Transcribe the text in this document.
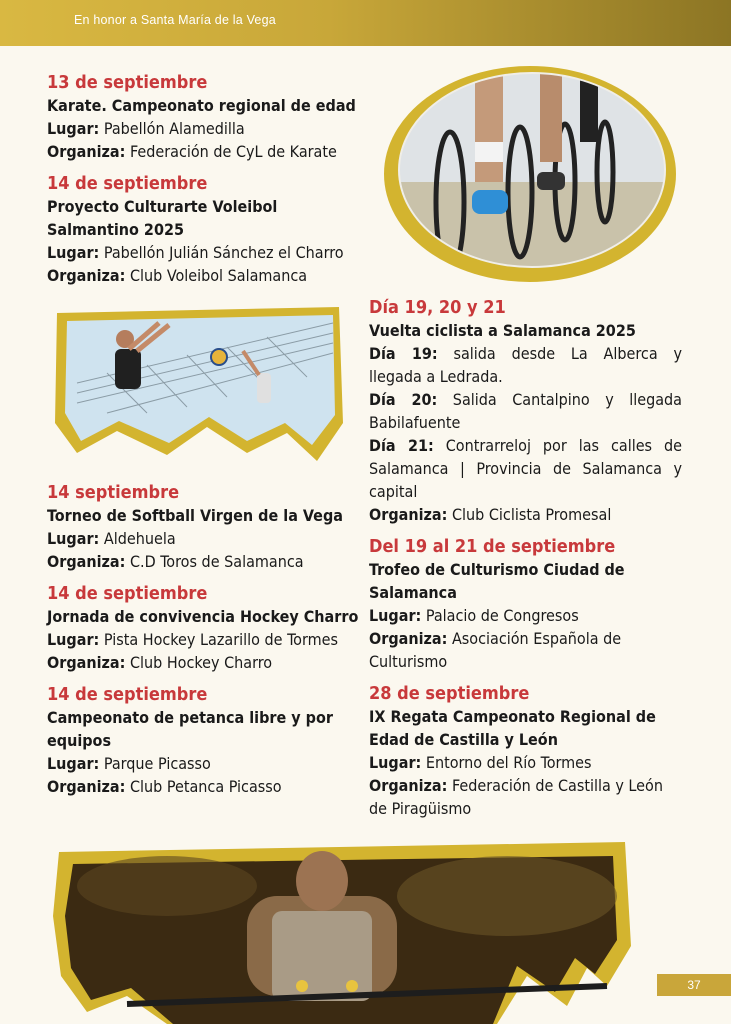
En honor a Santa María de la Vega
13 de septiembre
Karate. Campeonato regional de edad
Lugar: Pabellón Alamedilla
Organiza: Federación de CyL de Karate
14 de septiembre
Proyecto Culturarte Voleibol
Salmantino 2025
Lugar: Pabellón Julián Sánchez el Charro
Organiza: Club Voleibol Salamanca
14 septiembre
Torneo de Softball Virgen de la Vega
Lugar: Aldehuela
Organiza: C.D Toros de Salamanca
14 de septiembre
Jornada de convivencia Hockey Charro
Lugar: Pista Hockey Lazarillo de Tormes
Organiza: Club Hockey Charro
14 de septiembre
Campeonato de petanca libre y por
equipos
Lugar: Parque Picasso
Organiza: Club Petanca Picasso
Día 19, 20 y 21
Vuelta ciclista a Salamanca 2025
Día 19: salida desde La Alberca y
llegada a Ledrada.
Día 20: Salida Cantalpino y llegada
Babilafuente
Día 21: Contrarreloj por las calles de
Salamanca | Provincia de Salamanca y
capital
Organiza: Club Ciclista Promesal
Del 19 al 21 de septiembre
Trofeo de Culturismo Ciudad de
Salamanca
Lugar: Palacio de Congresos
Organiza: Asociación Española de
Culturismo
28 de septiembre
IX Regata Campeonato Regional de
Edad de Castilla y León
Lugar: Entorno del Río Tormes
Organiza: Federación de Castilla y León
de Piragüismo
37
